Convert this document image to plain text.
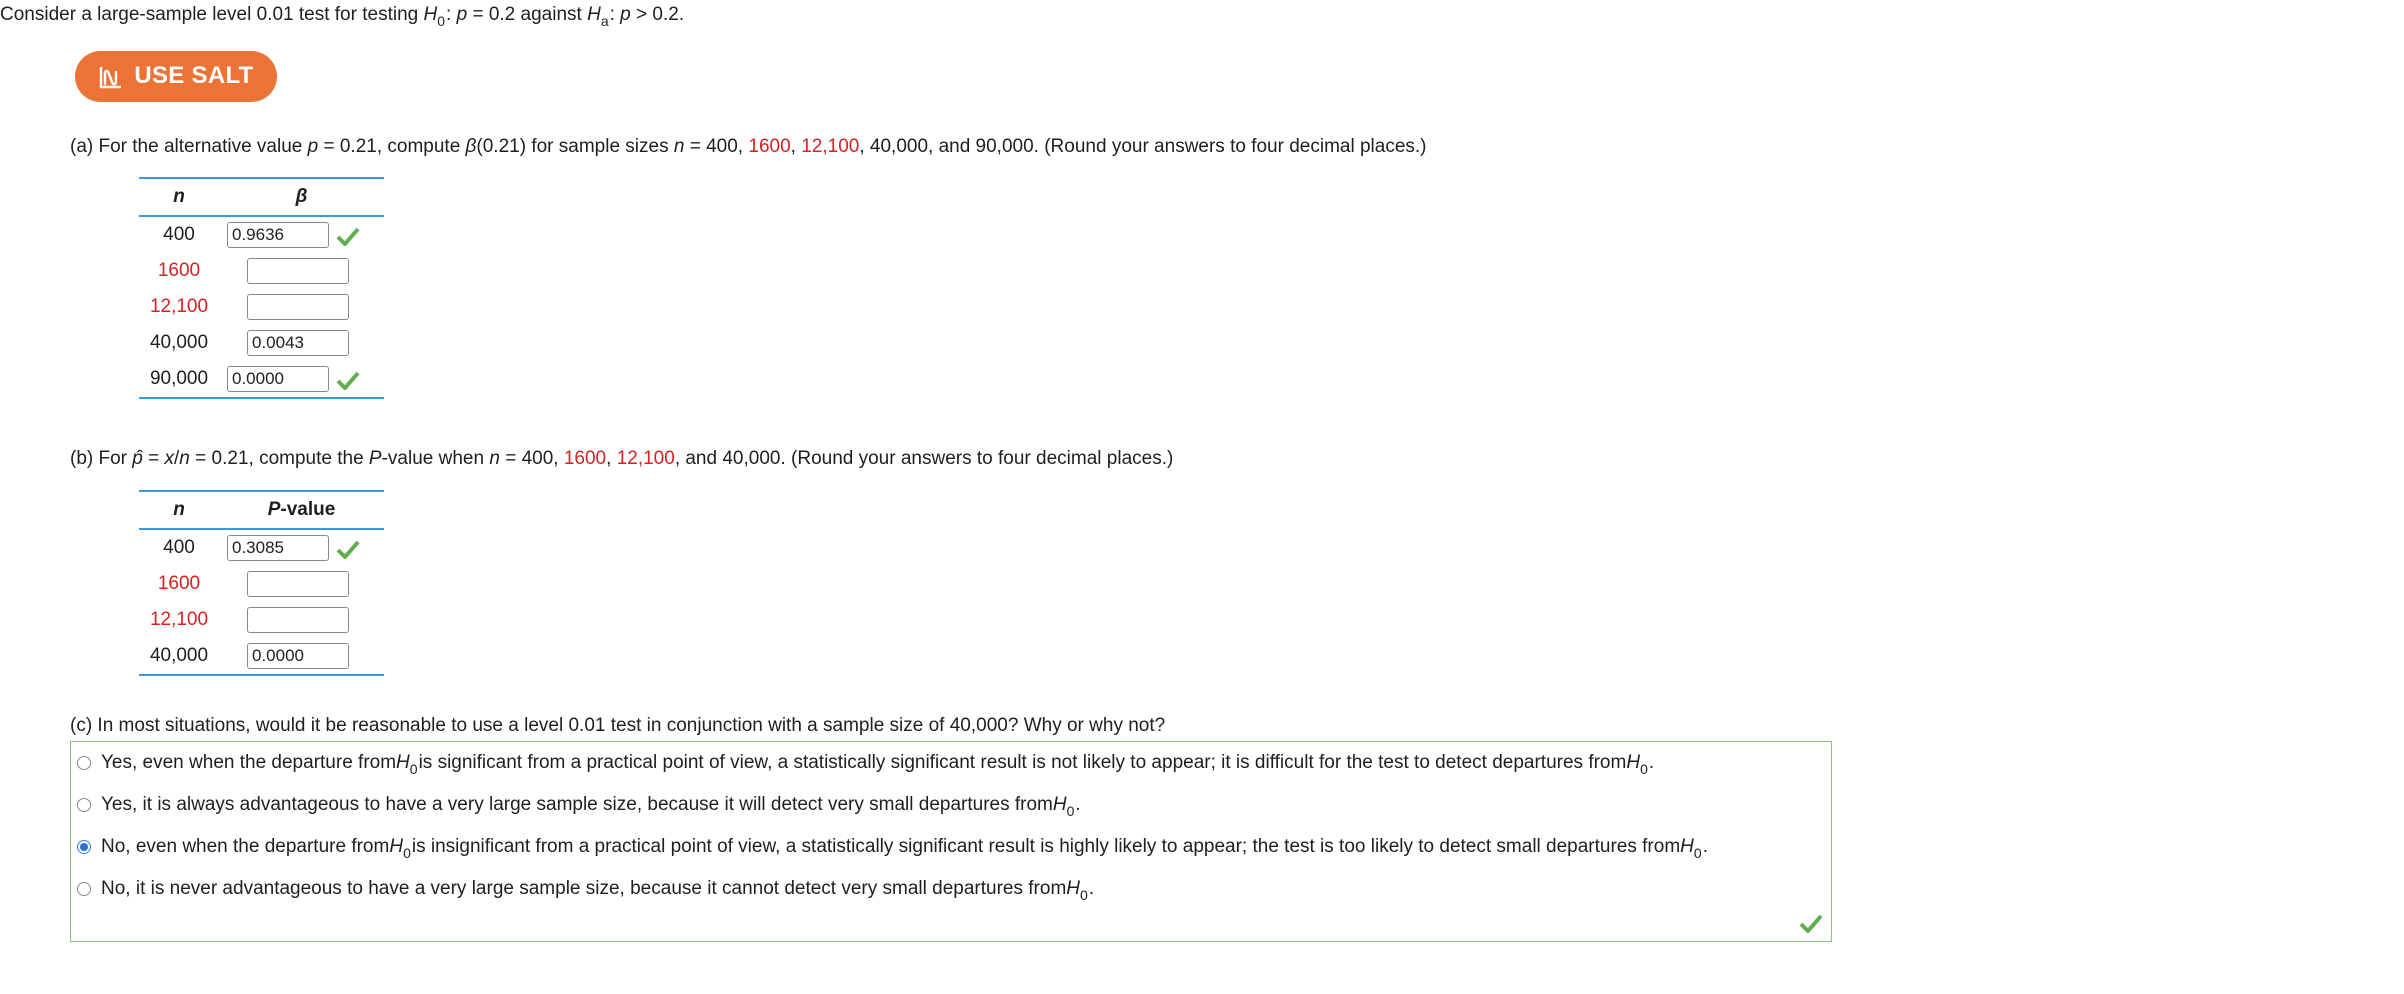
Consider a large-sample level 0.01 test for testing $H_0$: p = 0.2 against $H_a$: p > 0.2.
USE SALT
(a) For the alternative value p = 0.21, compute β(0.21) for sample sizes n = 400, 1600, 12,100, 40,000, and 90,000. (Round your answers to four decimal places.)
n	β
400
0.9636
1600
12,100
40,000
0.0043
90,000
0.0000
(b) For p̂ = x/n = 0.21, compute the P-value when n = 400, 1600, 12,100, and 40,000. (Round your answers to four decimal places.)
n	P-value
400
0.3085
1600
12,100
40,000
0.0000
(c) In most situations, would it be reasonable to use a level 0.01 test in conjunction with a sample size of 40,000? Why or why not?
Yes, even when the departure from H 0 is significant from a practical point of view, a statistically significant result is not likely to appear; it is difficult for the test to detect departures from H 0 .
Yes, it is always advantageous to have a very large sample size, because it will detect very small departures from H 0 .
No, even when the departure from H 0 is insignificant from a practical point of view, a statistically significant result is highly likely to appear; the test is too likely to detect small departures from H 0 .
No, it is never advantageous to have a very large sample size, because it cannot detect very small departures from H 0 .
